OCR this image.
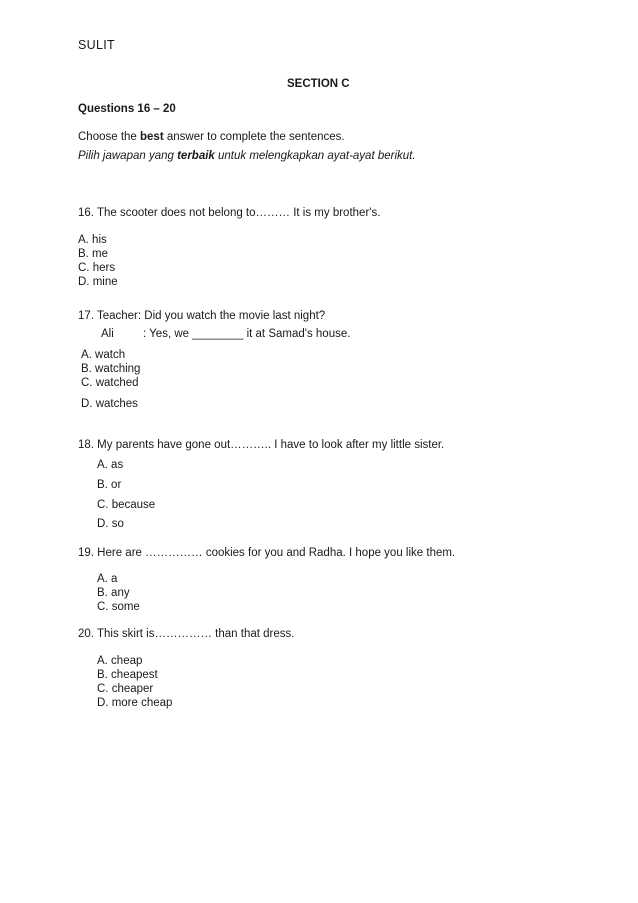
SULIT
SECTION C
Questions 16 – 20
Choose the best answer to complete the sentences.
Pilih jawapan yang terbaik untuk melengkapkan ayat-ayat berikut.
16. The scooter does not belong to……… It is my brother's.
A. his
B. me
C. hers
D. mine
17. Teacher: Did you watch the movie last night?
Ali	: Yes, we ________ it at Samad's house.
A. watch
B. watching
C. watched
D. watches
18. My parents have gone out……….. I have to look after my little sister.
A. as
B. or
C. because
D. so
19. Here are …………… cookies for you and Radha. I hope you like them.
A. a
B. any
C. some
20. This skirt is…………… than that dress.
A. cheap
B. cheapest
C. cheaper
D. more cheap
